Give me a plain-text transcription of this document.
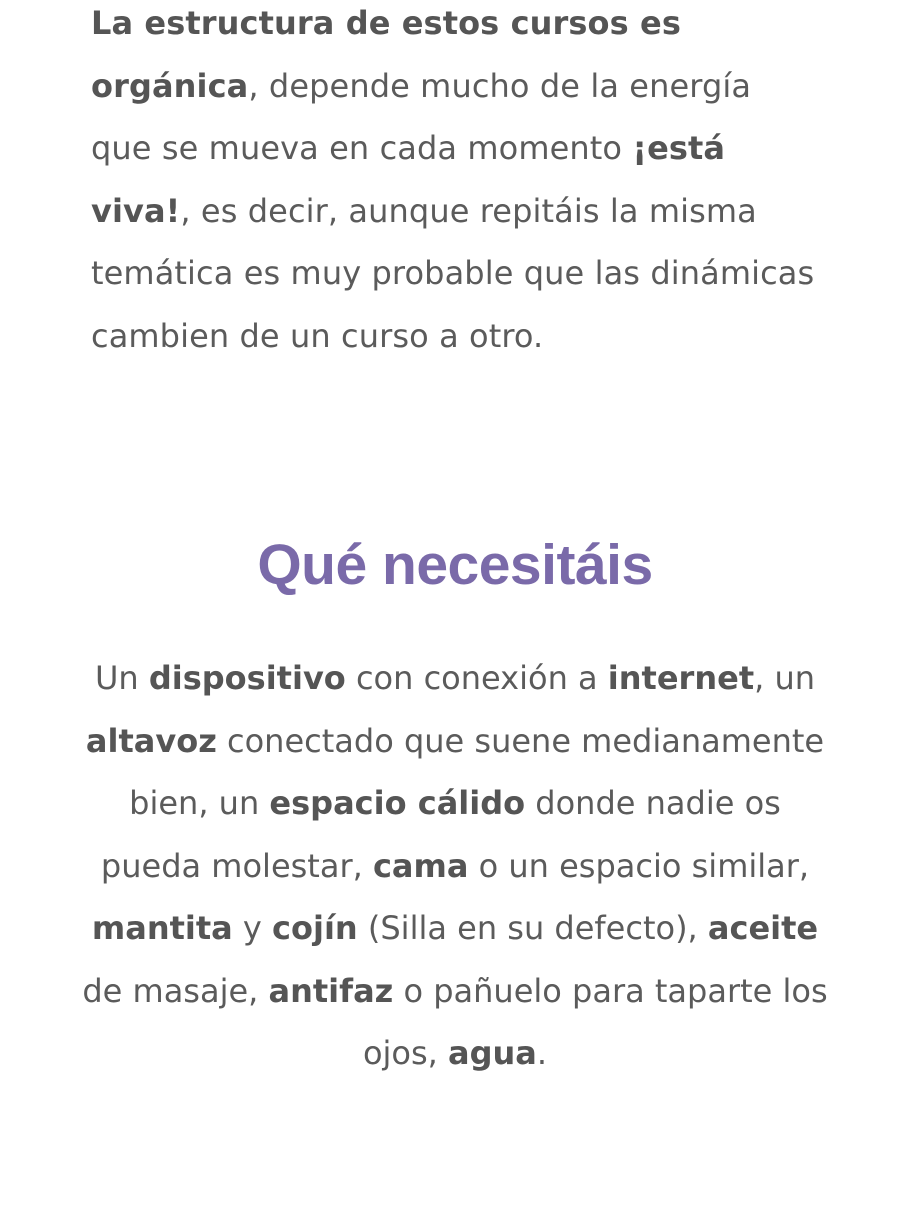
La estructura de estos cursos es orgánica, depende mucho de la energía que se mueva en cada momento ¡está viva!, es decir, aunque repitáis la misma temática es muy probable que las dinámicas cambien de un curso a otro.

Qué necesitáis

Un dispositivo con conexión a internet, un altavoz conectado que suene medianamente bien, un espacio cálido donde nadie os pueda molestar, cama o un espacio similar, mantita y cojín (Silla en su defecto), aceite de masaje, antifaz o pañuelo para taparte los ojos, agua.
